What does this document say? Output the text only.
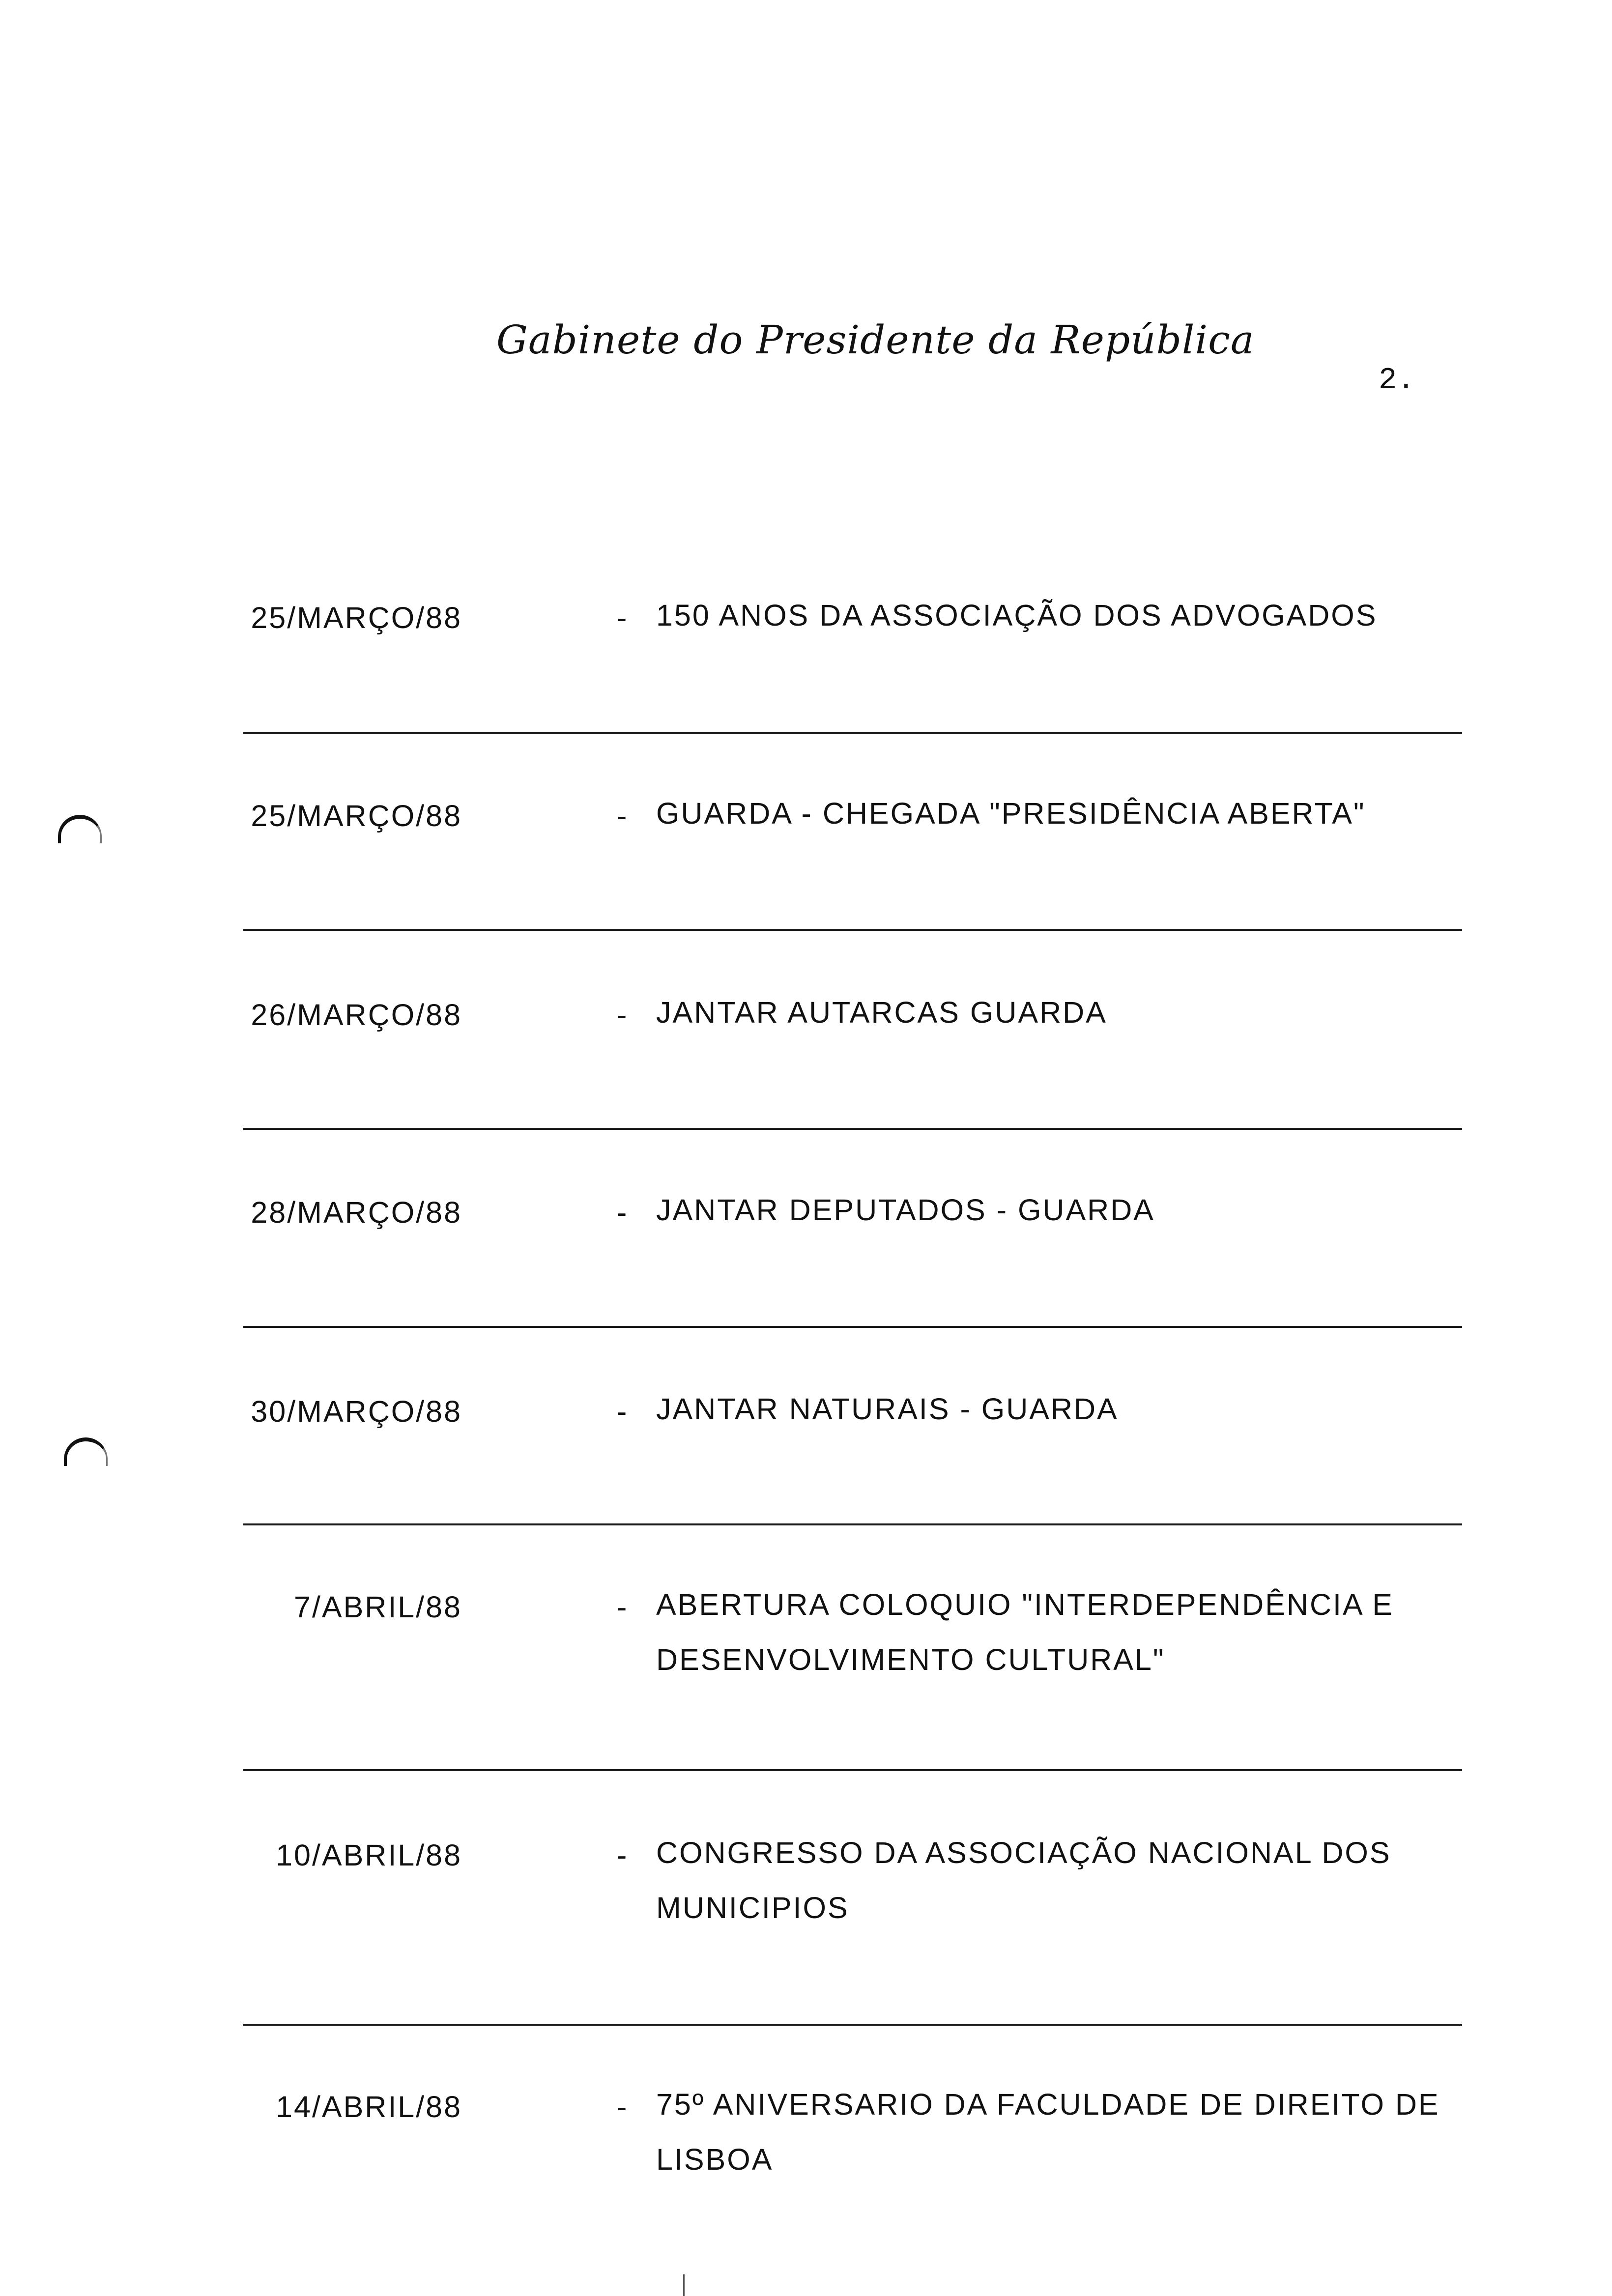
Gabinete do Presidente da República
2.
25/MARÇO/88	- 150 ANOS DA ASSOCIAÇÃO DOS ADVOGADOS
25/MARÇO/88	- GUARDA - CHEGADA "PRESIDÊNCIA ABERTA"
26/MARÇO/88	- JANTAR AUTARCAS GUARDA
28/MARÇO/88	- JANTAR DEPUTADOS - GUARDA
30/MARÇO/88	- JANTAR NATURAIS - GUARDA
7/ABRIL/88	- ABERTURA COLOQUIO "INTERDEPENDÊNCIA E DESENVOLVIMENTO CULTURAL"
10/ABRIL/88	- CONGRESSO DA ASSOCIAÇÃO NACIONAL DOS MUNICIPIOS
14/ABRIL/88	- 75º ANIVERSARIO DA FACULDADE DE DIREITO DE LISBOA
